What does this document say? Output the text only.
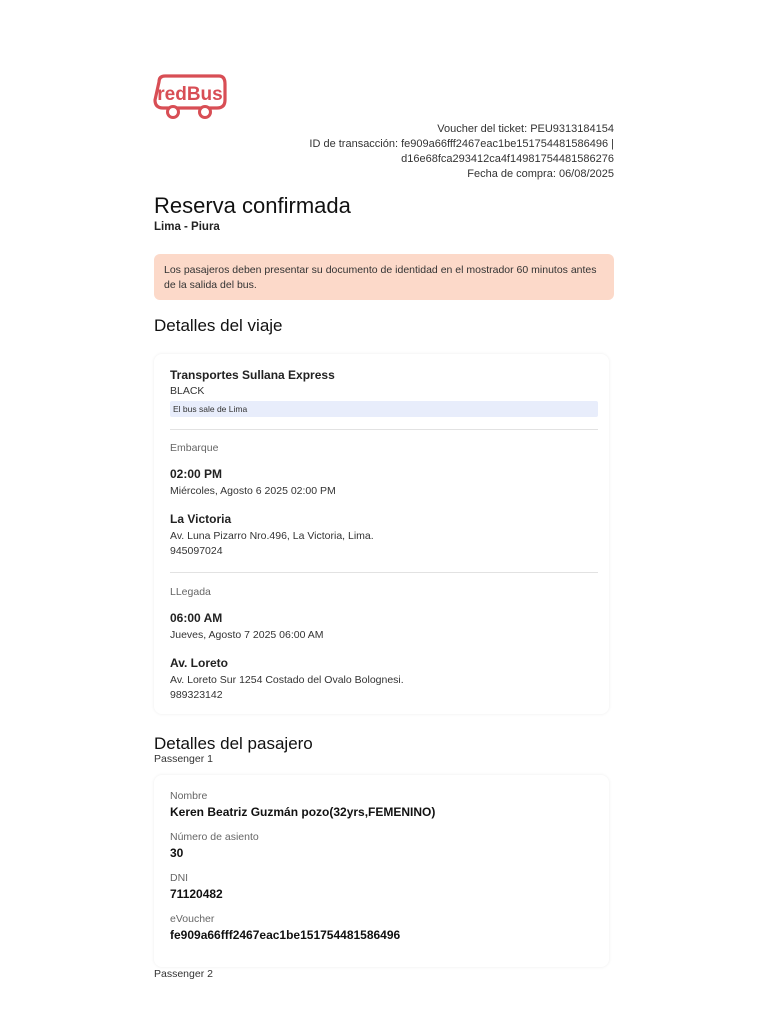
redBus
Voucher del ticket: PEU9313184154
ID de transacción: fe909a66fff2467eac1be151754481586496 |
d16e68fca293412ca4f14981754481586276
Fecha de compra: 06/08/2025
Reserva confirmada
Lima - Piura
Los pasajeros deben presentar su documento de identidad en el mostrador 60 minutos antes de la salida del bus.
Detalles del viaje
Transportes Sullana Express
BLACK
El bus sale de Lima
Embarque
02:00 PM
Miércoles, Agosto 6 2025 02:00 PM
La Victoria
Av. Luna Pizarro Nro.496, La Victoria, Lima.
945097024
LLegada
06:00 AM
Jueves, Agosto 7 2025 06:00 AM
Av. Loreto
Av. Loreto Sur 1254 Costado del Ovalo Bolognesi.
989323142
Detalles del pasajero
Passenger 1
Nombre
Keren Beatriz Guzmán pozo(32yrs,FEMENINO)
Número de asiento
30
DNI
71120482
eVoucher
fe909a66fff2467eac1be151754481586496
Passenger 2
